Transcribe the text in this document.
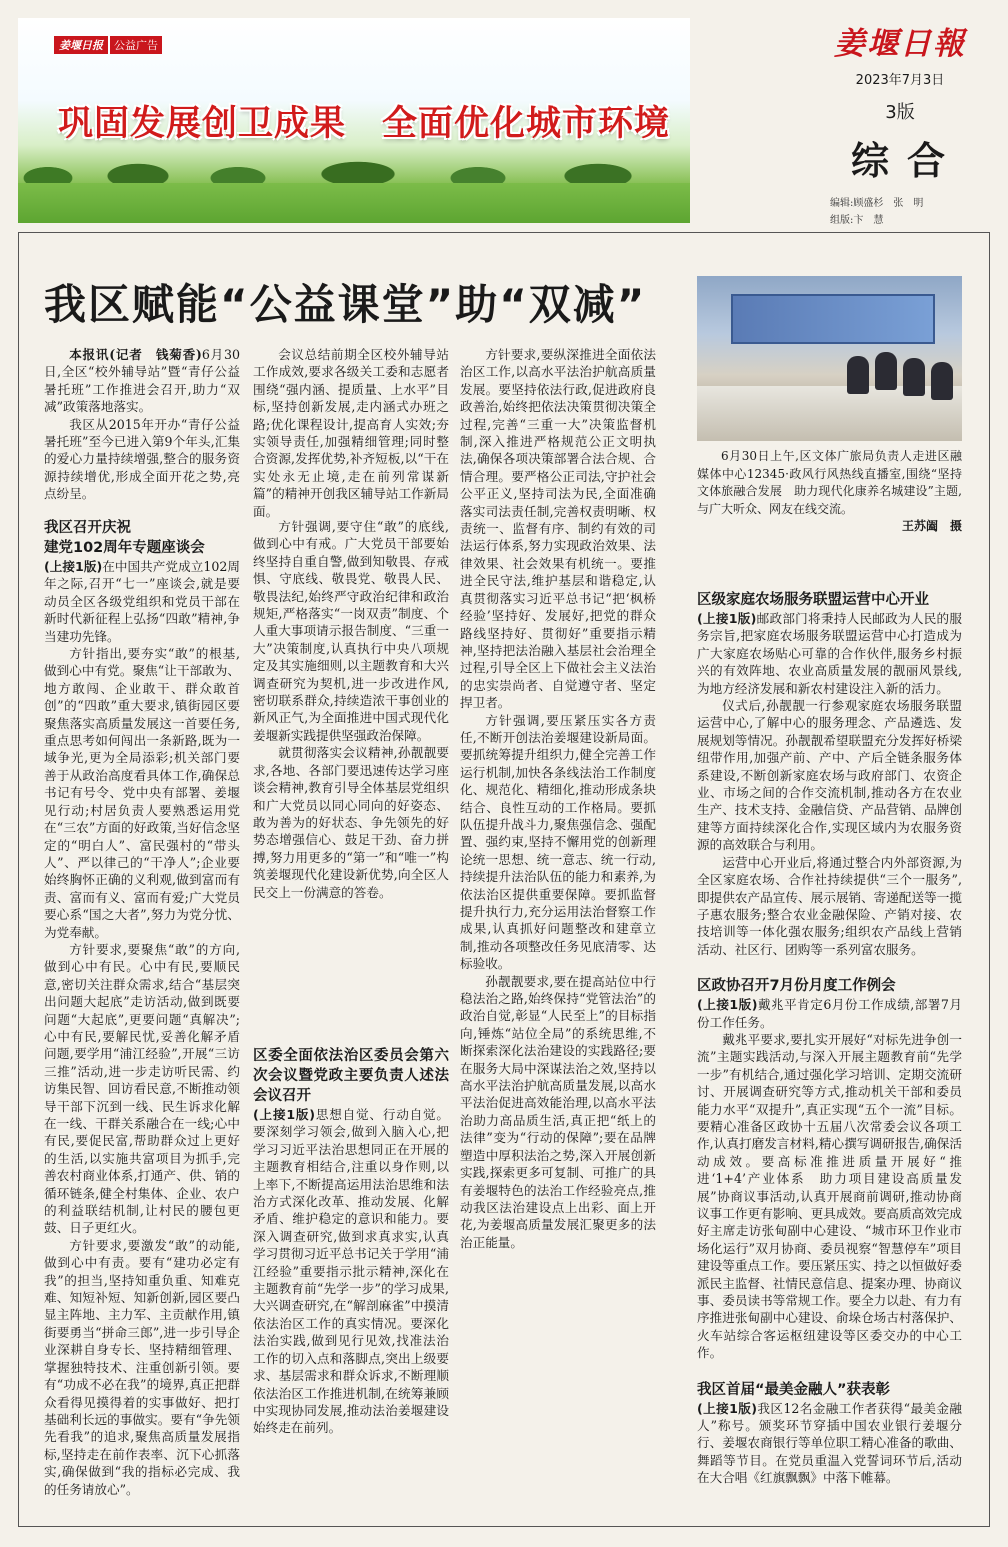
姜堰日报	公益广告
巩固发展创卫成果　全面优化城市环境
姜堰日報
2023年7月3日
3版
综合
编辑:顾盛杉　张　明
组版:卞　慧
我区赋能“公益课堂”助“双减”

本报讯(记者　钱菊香)6月30日,全区“校外辅导站”暨“青仔公益暑托班”工作推进会召开,助力“双减”政策落地落实。

我区从2015年开办“青仔公益暑托班”至今已进入第9个年头,汇集的爱心力量持续增强,整合的服务资源持续增优,形成全面开花之势,亮点纷呈。

会议总结前期全区校外辅导站工作成效,要求各级关工委和志愿者围绕“强内涵、提质量、上水平”目标,坚持创新发展,走内涵式办班之路;优化课程设计,提高育人实效;夯实领导责任,加强精细管理;同时整合资源,发挥优势,补齐短板,以“干在实处永无止境,走在前列常谋新篇”的精神开创我区辅导站工作新局面。

我区召开庆祝
建党102周年专题座谈会

(上接1版)在中国共产党成立102周年之际,召开“七一”座谈会,就是要动员全区各级党组织和党员干部在新时代新征程上弘扬“四敢”精神,争当建功先锋。

方针指出,要夯实“敢”的根基,做到心中有党。聚焦“让干部敢为、地方敢闯、企业敢干、群众敢首创”的“四敢”重大要求,镇街园区要聚焦落实高质量发展这一首要任务,重点思考如何闯出一条新路,既为一域争光,更为全局添彩;机关部门要善于从政治高度看具体工作,确保总书记有号令、党中央有部署、姜堰见行动;村居负责人要熟悉运用党在“三农”方面的好政策,当好信念坚定的“明白人”、富民强村的“带头人”、严以律己的“干净人”;企业要始终胸怀正确的义利观,做到富而有责、富而有义、富而有爱;广大党员要心系“国之大者”,努力为党分忧、为党奉献。

方针要求,要聚焦“敢”的方向,做到心中有民。心中有民,要顺民意,密切关注群众需求,结合“基层突出问题大起底”走访活动,做到既要问题“大起底”,更要问题“真解决”;心中有民,要解民忧,妥善化解矛盾问题,要学用“浦江经验”,开展“三访三推”活动,进一步走访听民需、约访集民智、回访看民意,不断推动领导干部下沉到一线、民生诉求化解在一线、干群关系融合在一线;心中有民,要促民富,帮助群众过上更好的生活,以实施共富项目为抓手,完善农村商业体系,打通产、供、销的循环链条,健全村集体、企业、农户的利益联结机制,让村民的腰包更鼓、日子更红火。

方针要求,要激发“敢”的动能,做到心中有责。要有“建功必定有我”的担当,坚持知重负重、知难克难、知短补短、知新创新,园区要凸显主阵地、主力军、主贡献作用,镇街要勇当“拼命三郎”,进一步引导企业深耕自身专长、坚持精细管理、掌握独特技术、注重创新引领。要有“功成不必在我”的境界,真正把群众看得见摸得着的实事做好、把打基础利长远的事做实。要有“争先领先看我”的追求,聚焦高质量发展指标,坚持走在前作表率、沉下心抓落实,确保做到“我的指标必完成、我的任务请放心”。

方针强调,要守住“敢”的底线,做到心中有戒。广大党员干部要始终坚持自重自警,做到知敬畏、存戒惧、守底线、敬畏党、敬畏人民、敬畏法纪,始终严守政治纪律和政治规矩,严格落实“一岗双责”制度、个人重大事项请示报告制度、“三重一大”决策制度,认真执行中央八项规定及其实施细则,以主题教育和大兴调查研究为契机,进一步改进作风,密切联系群众,持续造浓干事创业的新风正气,为全面推进中国式现代化姜堰新实践提供坚强政治保障。

就贯彻落实会议精神,孙靓靓要求,各地、各部门要迅速传达学习座谈会精神,教育引导全体基层党组织和广大党员以同心同向的好姿态、敢为善为的好状态、争先领先的好势态增强信心、鼓足干劲、奋力拼搏,努力用更多的“第一”和“唯一”构筑姜堰现代化建设新优势,向全区人民交上一份满意的答卷。

区委全面依法治区委员会第六次会议暨党政主要负责人述法会议召开

(上接1版)思想自觉、行动自觉。要深刻学习领会,做到入脑入心,把学习习近平法治思想同正在开展的主题教育相结合,注重以身作则,以上率下,不断提高运用法治思维和法治方式深化改革、推动发展、化解矛盾、维护稳定的意识和能力。要深入调查研究,做到求真求实,认真学习贯彻习近平总书记关于学用“浦江经验”重要指示批示精神,深化在主题教育前“先学一步”的学习成果,大兴调查研究,在“解剖麻雀”中摸清依法治区工作的真实情况。要深化法治实践,做到见行见效,找准法治工作的切入点和落脚点,突出上级要求、基层需求和群众诉求,不断理顺依法治区工作推进机制,在统筹兼顾中实现协同发展,推动法治姜堰建设始终走在前列。

方针要求,要纵深推进全面依法治区工作,以高水平法治护航高质量发展。要坚持依法行政,促进政府良政善治,始终把依法决策贯彻决策全过程,完善“三重一大”决策监督机制,深入推进严格规范公正文明执法,确保各项决策部署合法合规、合情合理。要严格公正司法,守护社会公平正义,坚持司法为民,全面准确落实司法责任制,完善权责明晰、权责统一、监督有序、制约有效的司法运行体系,努力实现政治效果、法律效果、社会效果有机统一。要推进全民守法,维护基层和谐稳定,认真贯彻落实习近平总书记“把‘枫桥经验’坚持好、发展好,把党的群众路线坚持好、贯彻好”重要指示精神,坚持把法治融入基层社会治理全过程,引导全区上下做社会主义法治的忠实崇尚者、自觉遵守者、坚定捍卫者。

方针强调,要压紧压实各方责任,不断开创法治姜堰建设新局面。要抓统筹提升组织力,健全完善工作运行机制,加快各条线法治工作制度化、规范化、精细化,推动形成条块结合、良性互动的工作格局。要抓队伍提升战斗力,聚焦强信念、强配置、强约束,坚持不懈用党的创新理论统一思想、统一意志、统一行动,持续提升法治队伍的能力和素养,为依法治区提供重要保障。要抓监督提升执行力,充分运用法治督察工作成果,认真抓好问题整改和建章立制,推动各项整改任务见底清零、达标验收。

孙靓靓要求,要在提高站位中行稳法治之路,始终保持“党管法治”的政治自觉,彰显“人民至上”的目标指向,锤炼“站位全局”的系统思维,不断探索深化法治建设的实践路径;要在服务大局中深谋法治之效,坚持以高水平法治护航高质量发展,以高水平法治促进高效能治理,以高水平法治助力高品质生活,真正把“纸上的法律”变为“行动的保障”;要在品牌塑造中厚积法治之势,深入开展创新实践,探索更多可复制、可推广的具有姜堰特色的法治工作经验亮点,推动我区法治建设点上出彩、面上开花,为姜堰高质量发展汇聚更多的法治正能量。

6月30日上午,区文体广旅局负责人走进区融媒体中心12345·政风行风热线直播室,围绕“坚持文体旅融合发展　助力现代化康养名城建设”主题,与广大听众、网友在线交流。

王苏阖　摄
区级家庭农场服务联盟运营中心开业

(上接1版)邮政部门将秉持人民邮政为人民的服务宗旨,把家庭农场服务联盟运营中心打造成为广大家庭农场贴心可靠的合作伙伴,服务乡村振兴的有效阵地、农业高质量发展的靓丽风景线,为地方经济发展和新农村建设注入新的活力。

仪式后,孙靓靓一行参观家庭农场服务联盟运营中心,了解中心的服务理念、产品遴选、发展规划等情况。孙靓靓希望联盟充分发挥好桥梁纽带作用,加强产前、产中、产后全链条服务体系建设,不断创新家庭农场与政府部门、农资企业、市场之间的合作交流机制,推动各方在农业生产、技术支持、金融信贷、产品营销、品牌创建等方面持续深化合作,实现区域内为农服务资源的高效联合与利用。

运营中心开业后,将通过整合内外部资源,为全区家庭农场、合作社持续提供“三个一服务”,即提供农产品宣传、展示展销、寄递配送等一揽子惠农服务;整合农业金融保险、产销对接、农技培训等一体化强农服务;组织农产品线上营销活动、社区行、团购等一系列富农服务。

区政协召开7月份月度工作例会

(上接1版)戴兆平肯定6月份工作成绩,部署7月份工作任务。

戴兆平要求,要扎实开展好“对标先进争创一流”主题实践活动,与深入开展主题教育前“先学一步”有机结合,通过强化学习培训、定期交流研讨、开展调查研究等方式,推动机关干部和委员能力水平“双提升”,真正实现“五个一流”目标。要精心准备区政协十五届八次常委会议各项工作,认真打磨发言材料,精心撰写调研报告,确保活动成效。要高标准推进质量开展好“推进‘1+4’产业体系　助力项目建设高质量发展”协商议事活动,认真开展商前调研,推动协商议事工作更有影响、更具成效。要高质高效完成好主席走访张甸副中心建设、“城市环卫作业市场化运行”双月协商、委员视察“智慧停车”项目建设等重点工作。要压紧压实、持之以恒做好委派民主监督、社情民意信息、提案办理、协商议事、委员读书等常规工作。要全力以赴、有力有序推进张甸副中心建设、俞垛仓场古村落保护、火车站综合客运枢纽建设等区委交办的中心工作。

我区首届“最美金融人”获表彰

(上接1版)我区12名金融工作者获得“最美金融人”称号。颁奖环节穿插中国农业银行姜堰分行、姜堰农商银行等单位职工精心准备的歌曲、舞蹈等节目。在党员重温入党誓词环节后,活动在大合唱《红旗飘飘》中落下帷幕。
